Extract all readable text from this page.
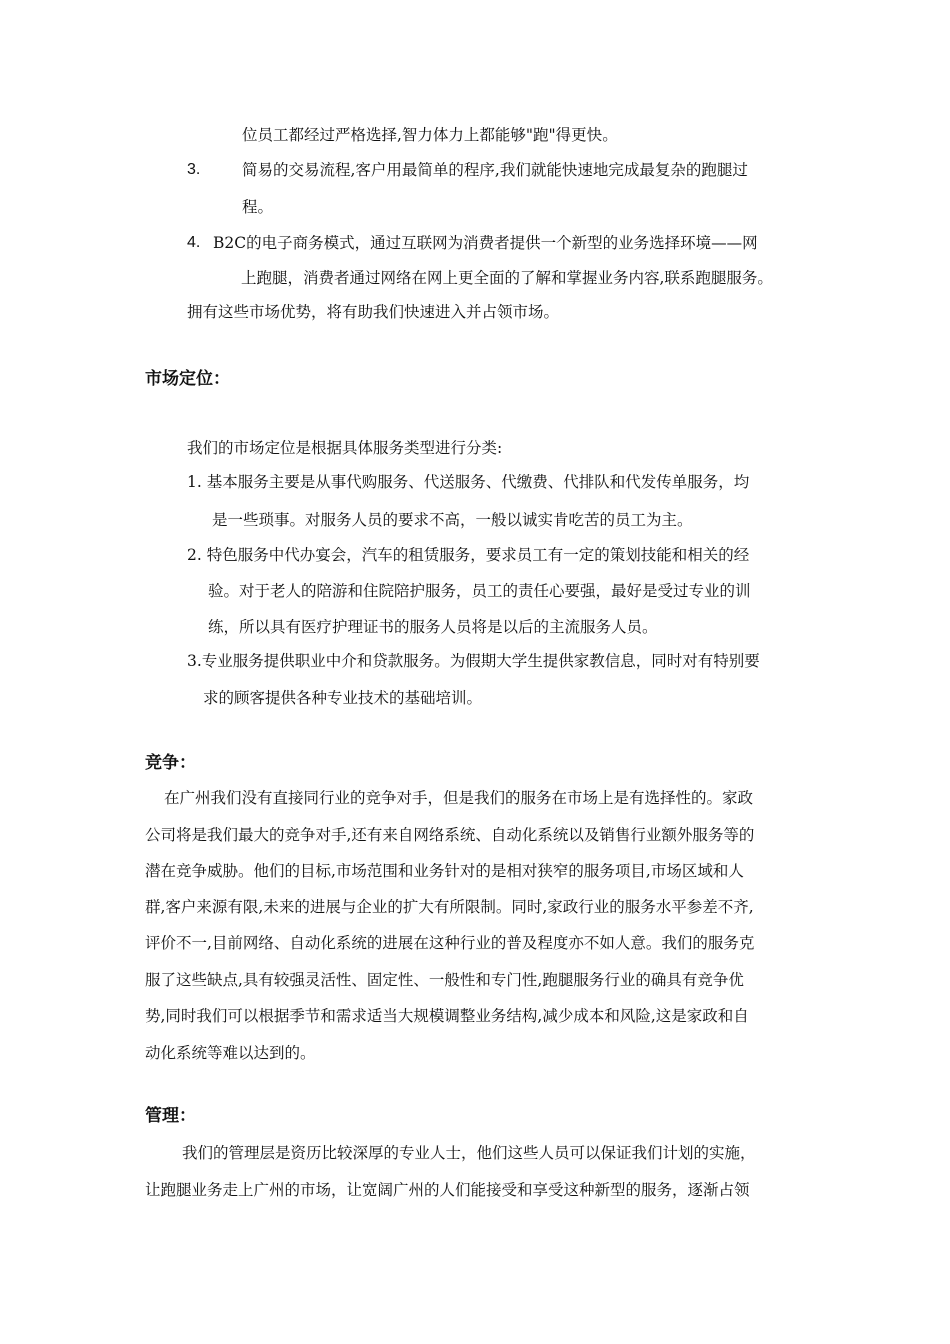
位员工都经过严格选择,智力体力上都能够"跑"得更快。
3.	简易的交易流程,客户用最简单的程序,我们就能快速地完成最复杂的跑腿过
程。
4. B2C的电子商务模式，通过互联网为消费者提供一个新型的业务选择环境——网
上跑腿，消费者通过网络在网上更全面的了解和掌握业务内容,联系跑腿服务。
拥有这些市场优势，将有助我们快速进入并占领市场。
市场定位：
我们的市场定位是根据具体服务类型进行分类:
1. 基本服务主要是从事代购服务、代送服务、代缴费、代排队和代发传单服务，均
是一些琐事。对服务人员的要求不高，一般以诚实肯吃苦的员工为主。
2. 特色服务中代办宴会，汽车的租赁服务，要求员工有一定的策划技能和相关的经
验。对于老人的陪游和住院陪护服务，员工的责任心要强，最好是受过专业的训
练，所以具有医疗护理证书的服务人员将是以后的主流服务人员。
3.专业服务提供职业中介和贷款服务。为假期大学生提供家教信息，同时对有特别要
求的顾客提供各种专业技术的基础培训。
竞争：
在广州我们没有直接同行业的竞争对手，但是我们的服务在市场上是有选择性的。家政
公司将是我们最大的竞争对手,还有来自网络系统、自动化系统以及销售行业额外服务等的
潜在竞争威胁。他们的目标,市场范围和业务针对的是相对狭窄的服务项目,市场区域和人
群,客户来源有限,未来的进展与企业的扩大有所限制。同时,家政行业的服务水平参差不齐,
评价不一,目前网络、自动化系统的进展在这种行业的普及程度亦不如人意。我们的服务克
服了这些缺点,具有较强灵活性、固定性、一般性和专门性,跑腿服务行业的确具有竞争优
势,同时我们可以根据季节和需求适当大规模调整业务结构,减少成本和风险,这是家政和自
动化系统等难以达到的。
管理：
我们的管理层是资历比较深厚的专业人士，他们这些人员可以保证我们计划的实施，
让跑腿业务走上广州的市场，让宽阔广州的人们能接受和享受这种新型的服务，逐渐占领
